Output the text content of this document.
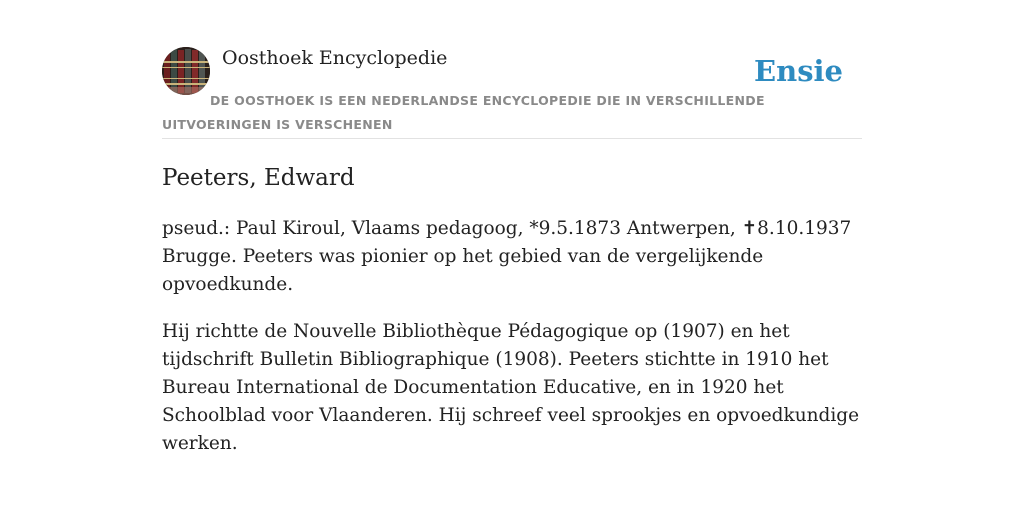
Oosthoek Encyclopedie	Ensie
DE OOSTHOEK IS EEN NEDERLANDSE ENCYCLOPEDIE DIE IN VERSCHILLENDE UITVOERINGEN IS VERSCHENEN
Peeters, Edward

pseud.: Paul Kiroul, Vlaams pedagoog, *9.5.1873 Antwerpen, ✝8.10.1937 Brugge. Peeters was pionier op het gebied van de vergelijkende opvoedkunde.

Hij richtte de Nouvelle Bibliothèque Pédagogique op (1907) en het tijdschrift Bulletin Bibliographique (1908). Peeters stichtte in 1910 het Bureau International de Documentation Educative, en in 1920 het Schoolblad voor Vlaanderen. Hij schreef veel sprookjes en opvoedkundige werken.
